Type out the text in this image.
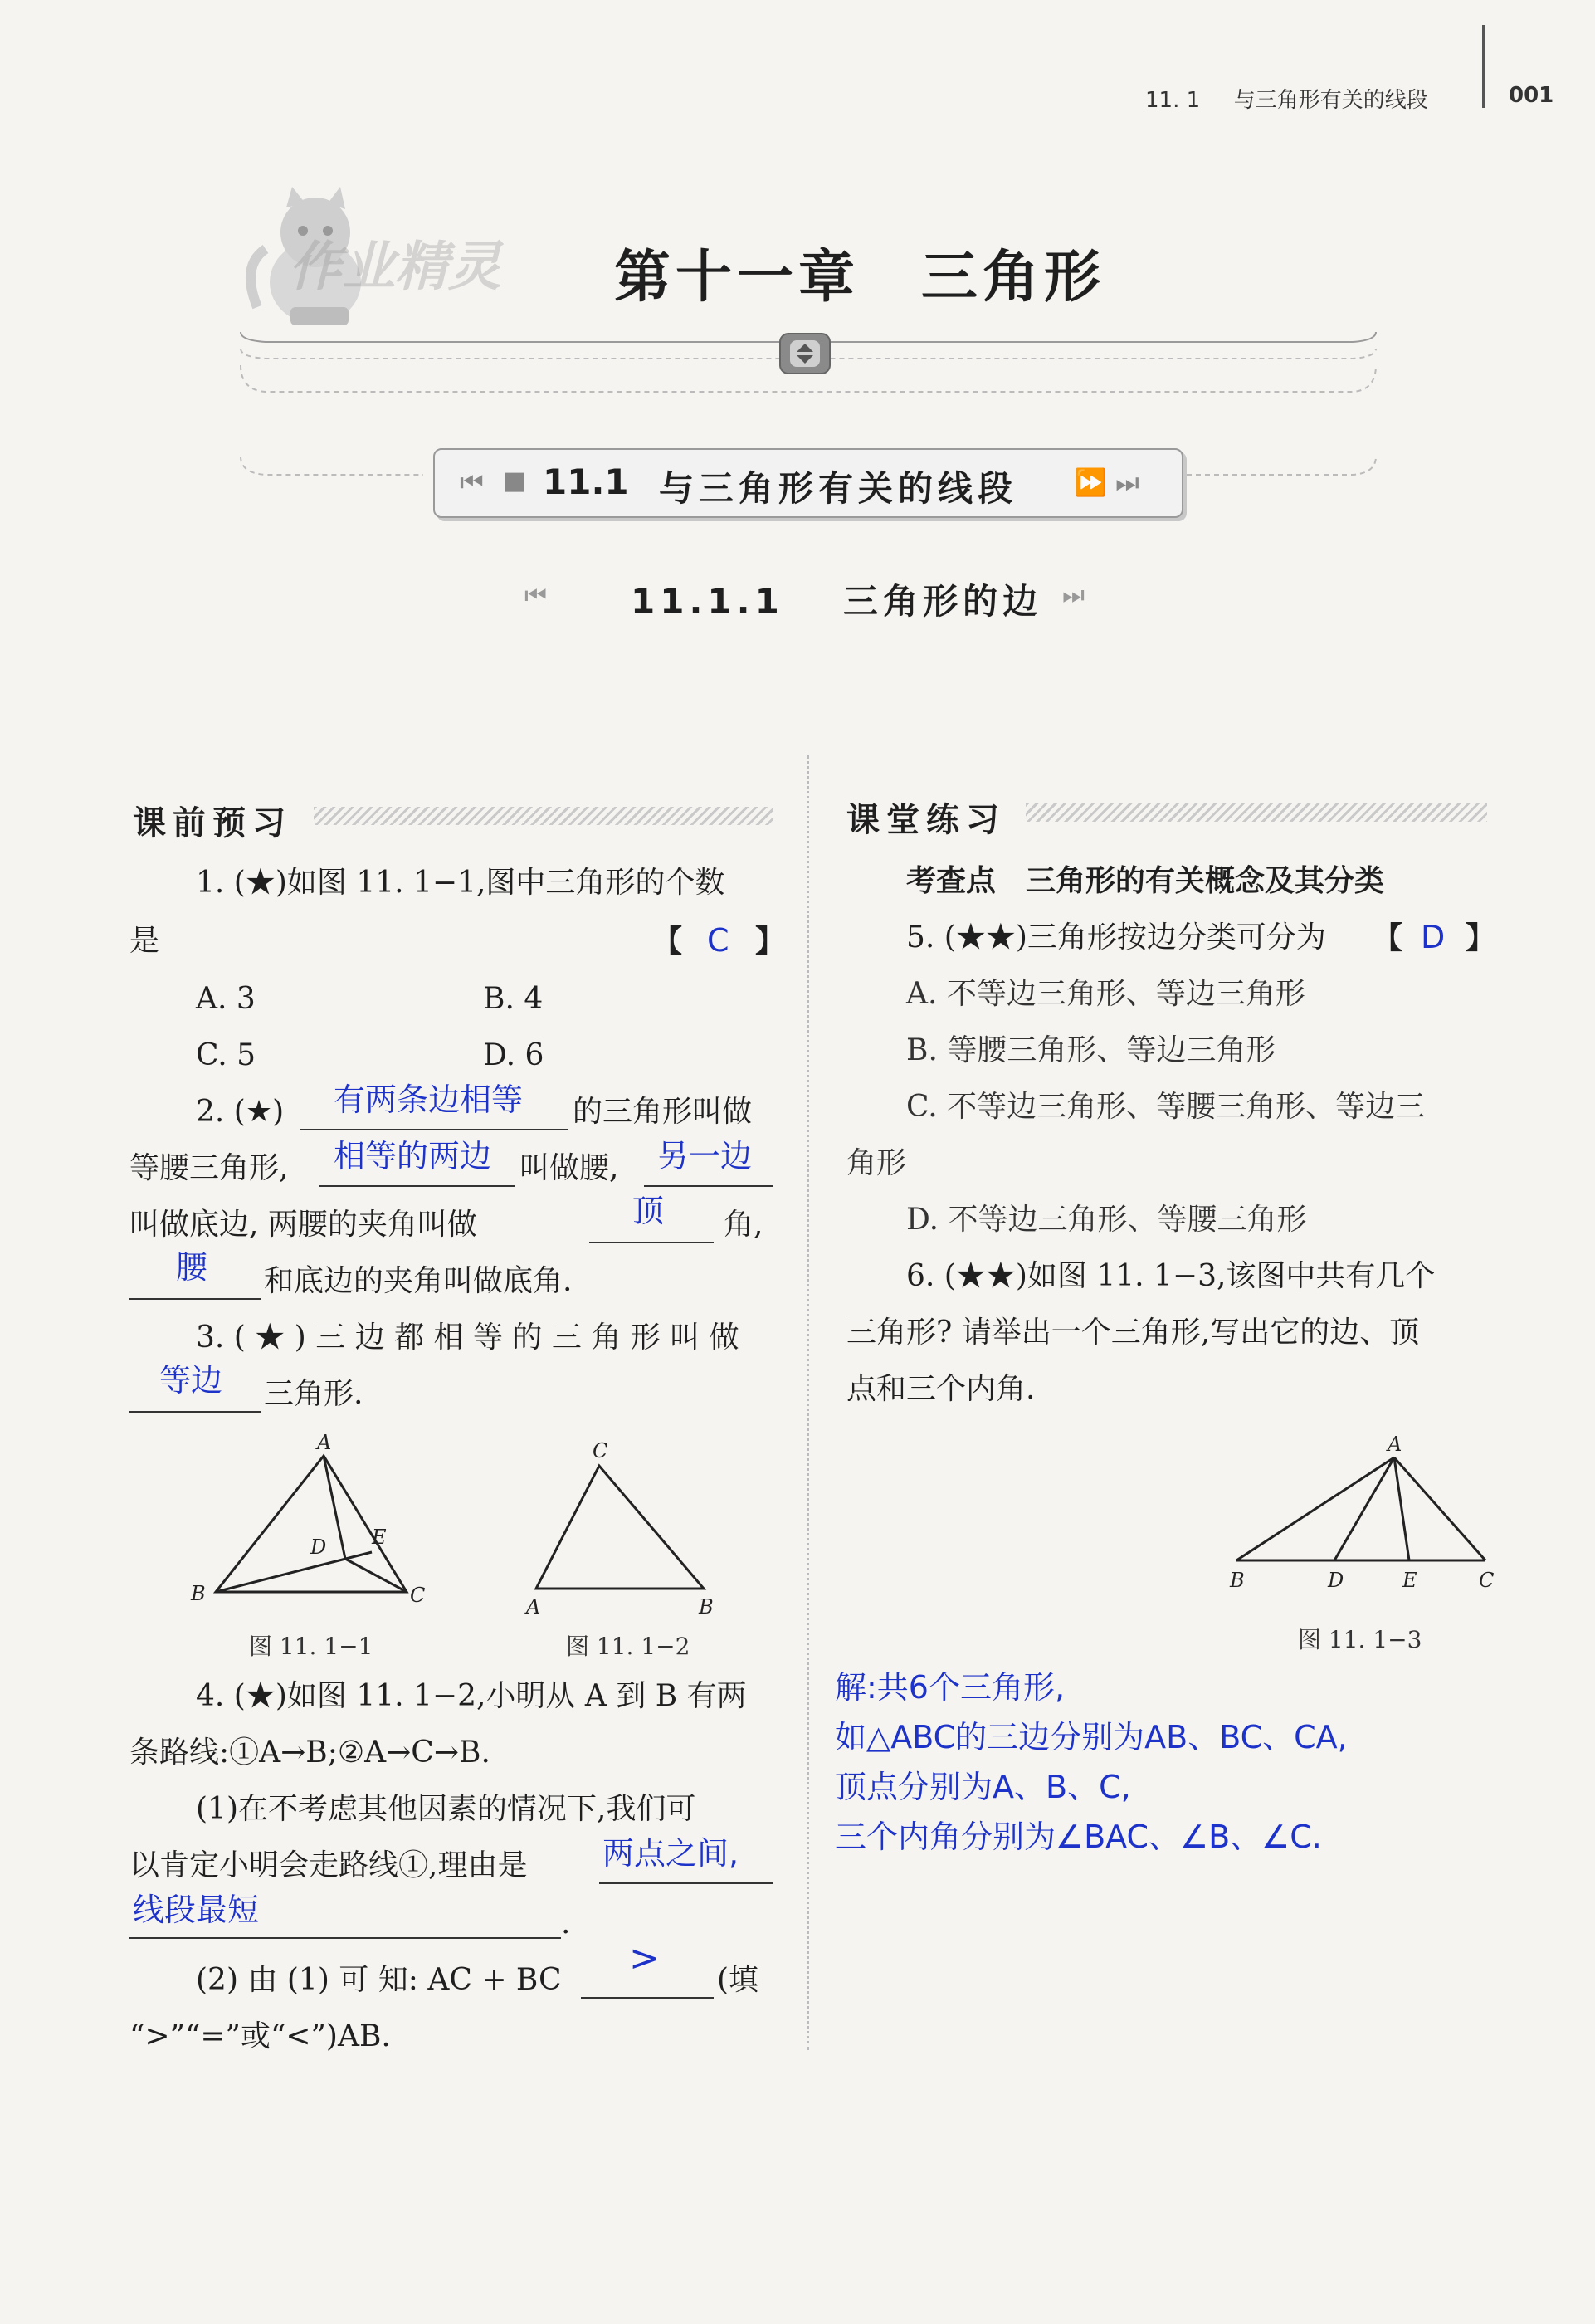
11. 1 与三角形有关的线段	001
作业精灵 第十一章　三角形
⏮ ■ 11.1 与三角形有关的线段 ⏩ ⏭
⏮ 11.1.1 三角形的边 ⏭
课前预习
1. (★)如图 11. 1−1,图中三角形的个数
是	【 C 】
A. 3	B. 4
C. 5	D. 6
2. (★) 有两条边相等 的三角形叫做
等腰三角形, 相等的两边 叫做腰, 另一边
叫做底边, 两腰的夹角叫做	顶 角,
腰 和底边的夹角叫做底角.
3. ( ★ ) 三 边 都 相 等 的 三 角 形 叫 做
等边 三角形.
A
B	C
D E
图 11. 1−1
C
A	B
图 11. 1−2
4. (★)如图 11. 1−2,小明从 A 到 B 有两
条路线:①A→B;②A→C→B.
(1)在不考虑其他因素的情况下,我们可
以肯定小明会走路线①,理由是 两点之间,
线段最短	.
(2) 由 (1) 可 知: AC + BC
>
(填
“>”“=”或“<”)AB.
课堂练习
考查点　三角形的有关概念及其分类
5. (★★)三角形按边分类可分为 【 D 】
A. 不等边三角形、等边三角形
B. 等腰三角形、等边三角形
C. 不等边三角形、等腰三角形、等边三
角形
D. 不等边三角形、等腰三角形
6. (★★)如图 11. 1−3,该图中共有几个
三角形? 请举出一个三角形,写出它的边、顶
点和三个内角.
A
B	D	E	C
图 11. 1−3
解:共6个三角形,
如△ABC的三边分别为AB、BC、CA,
顶点分别为A、B、C,
三个内角分别为∠BAC、∠B、∠C.
